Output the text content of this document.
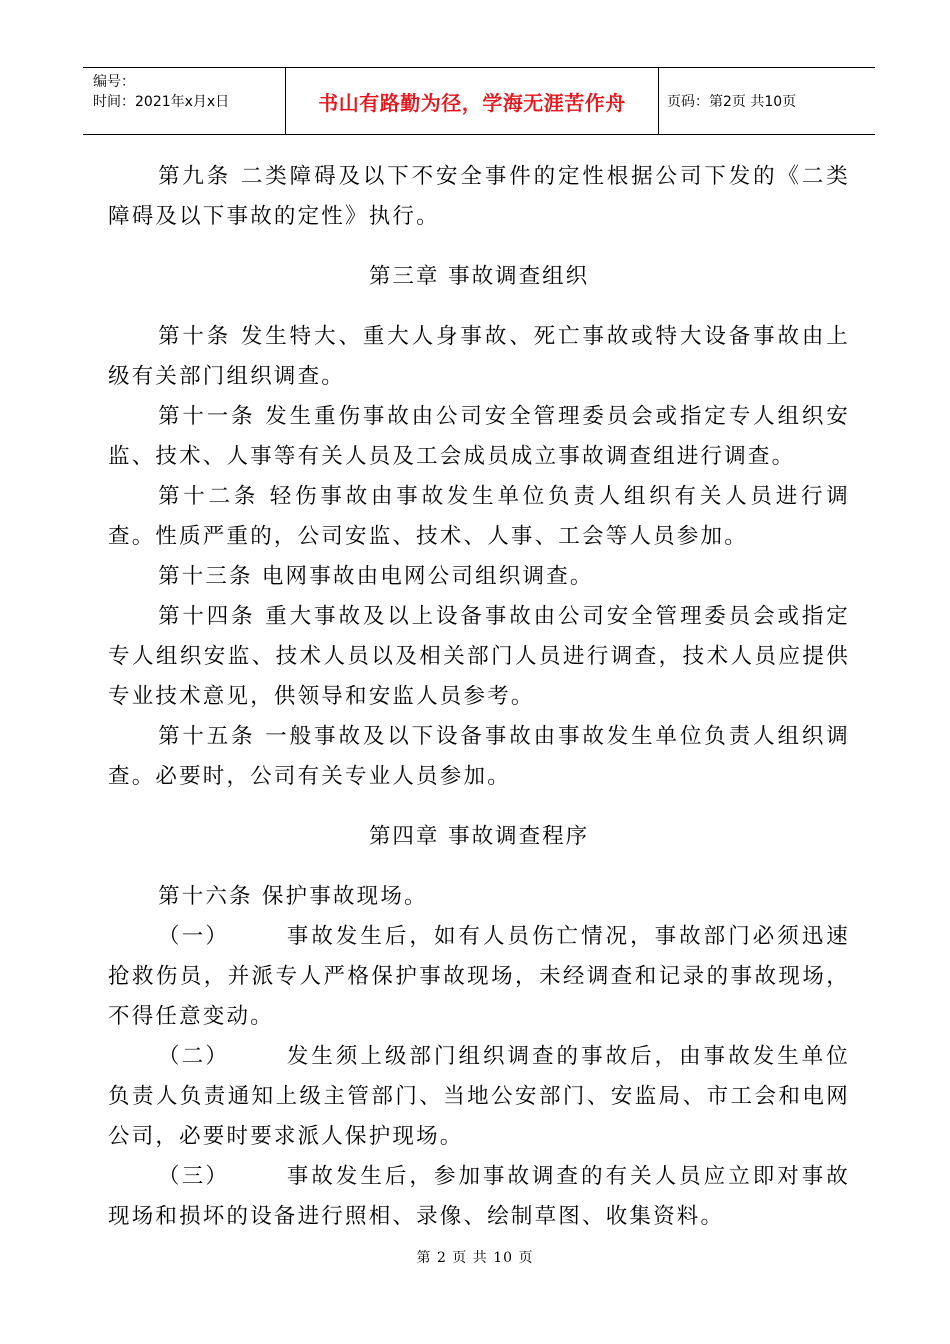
编号：
时间：2021年x月x日	书山有路勤为径，学海无涯苦作舟	页码：第2页 共10页

第九条 二类障碍及以下不安全事件的定性根据公司下发的《二类障碍及以下事故的定性》执行。

第三章 事故调查组织

第十条 发生特大、重大人身事故、死亡事故或特大设备事故由上级有关部门组织调查。

第十一条 发生重伤事故由公司安全管理委员会或指定专人组织安监、技术、人事等有关人员及工会成员成立事故调查组进行调查。

第十二条 轻伤事故由事故发生单位负责人组织有关人员进行调查。性质严重的，公司安监、技术、人事、工会等人员参加。

第十三条 电网事故由电网公司组织调查。

第十四条 重大事故及以上设备事故由公司安全管理委员会或指定专人组织安监、技术人员以及相关部门人员进行调查，技术人员应提供专业技术意见，供领导和安监人员参考。

第十五条 一般事故及以下设备事故由事故发生单位负责人组织调查。必要时，公司有关专业人员参加。

第四章 事故调查程序

第十六条 保护事故现场。

（一）	事故发生后，如有人员伤亡情况，事故部门必须迅速抢救伤员，并派专人严格保护事故现场，未经调查和记录的事故现场，不得任意变动。

（二）	发生须上级部门组织调查的事故后，由事故发生单位负责人负责通知上级主管部门、当地公安部门、安监局、市工会和电网公司，必要时要求派人保护现场。

（三）	事故发生后，参加事故调查的有关人员应立即对事故现场和损坏的设备进行照相、录像、绘制草图、收集资料。

第 2 页 共 10 页
